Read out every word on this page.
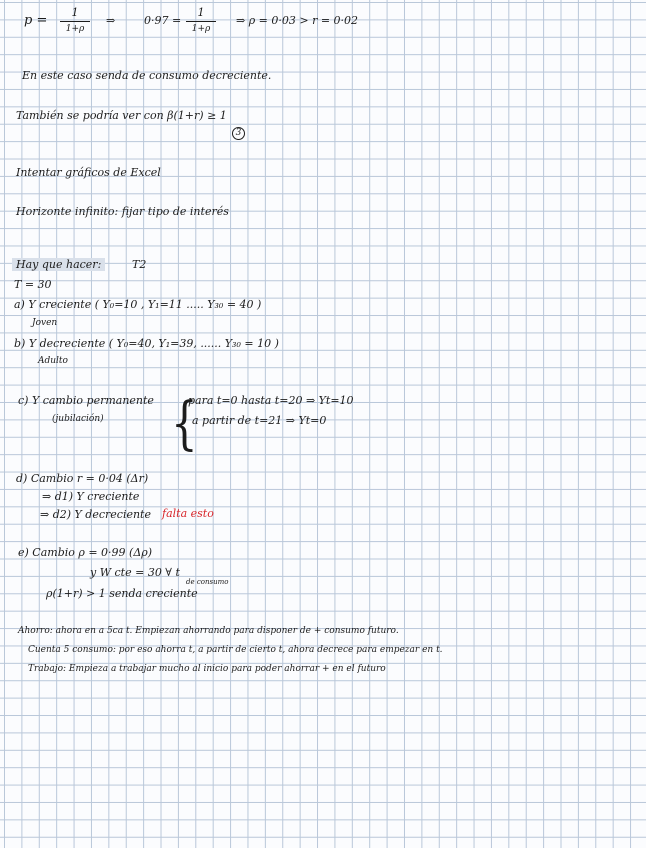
p =
1
1+ρ
⇒	0·97 =
1
1+ρ
⇒ ρ = 0·03 > r = 0·02
En este caso senda de consumo decreciente.
También se podría ver con β(1+r) ≥ 1
3
Intentar gráficos de Excel
Horizonte infinito: fijar tipo de interés
Hay que hacer:	T2
T = 30
a) Y creciente ( Y₀=10 , Y₁=11 ..... Y₃₀ = 40 )
Joven
b) Y decreciente ( Y₀=40, Y₁=39, ...... Y₃₀ = 10 )
Adulto
c) Y cambio permanente
(jubilación) {
para t=0 hasta t=20 ⇒ Yt=10
a partir de t=21 ⇒ Yt=0
d) Cambio r = 0·04 (Δr)
⇒ d1) Y creciente
⇒ d2) Y decreciente falta esto
e) Cambio ρ = 0·99 (Δρ)
y W cte = 30 ∀ t
de consumo
ρ(1+r) > 1 senda creciente
Ahorro: ahora en a 5ca t. Empiezan ahorrando para disponer de + consumo futuro.
Cuenta 5 consumo: por eso ahorra t, a partir de cierto t, ahora decrece para empezar en t.
Trabajo: Empieza a trabajar mucho al inicio para poder ahorrar + en el futuro
